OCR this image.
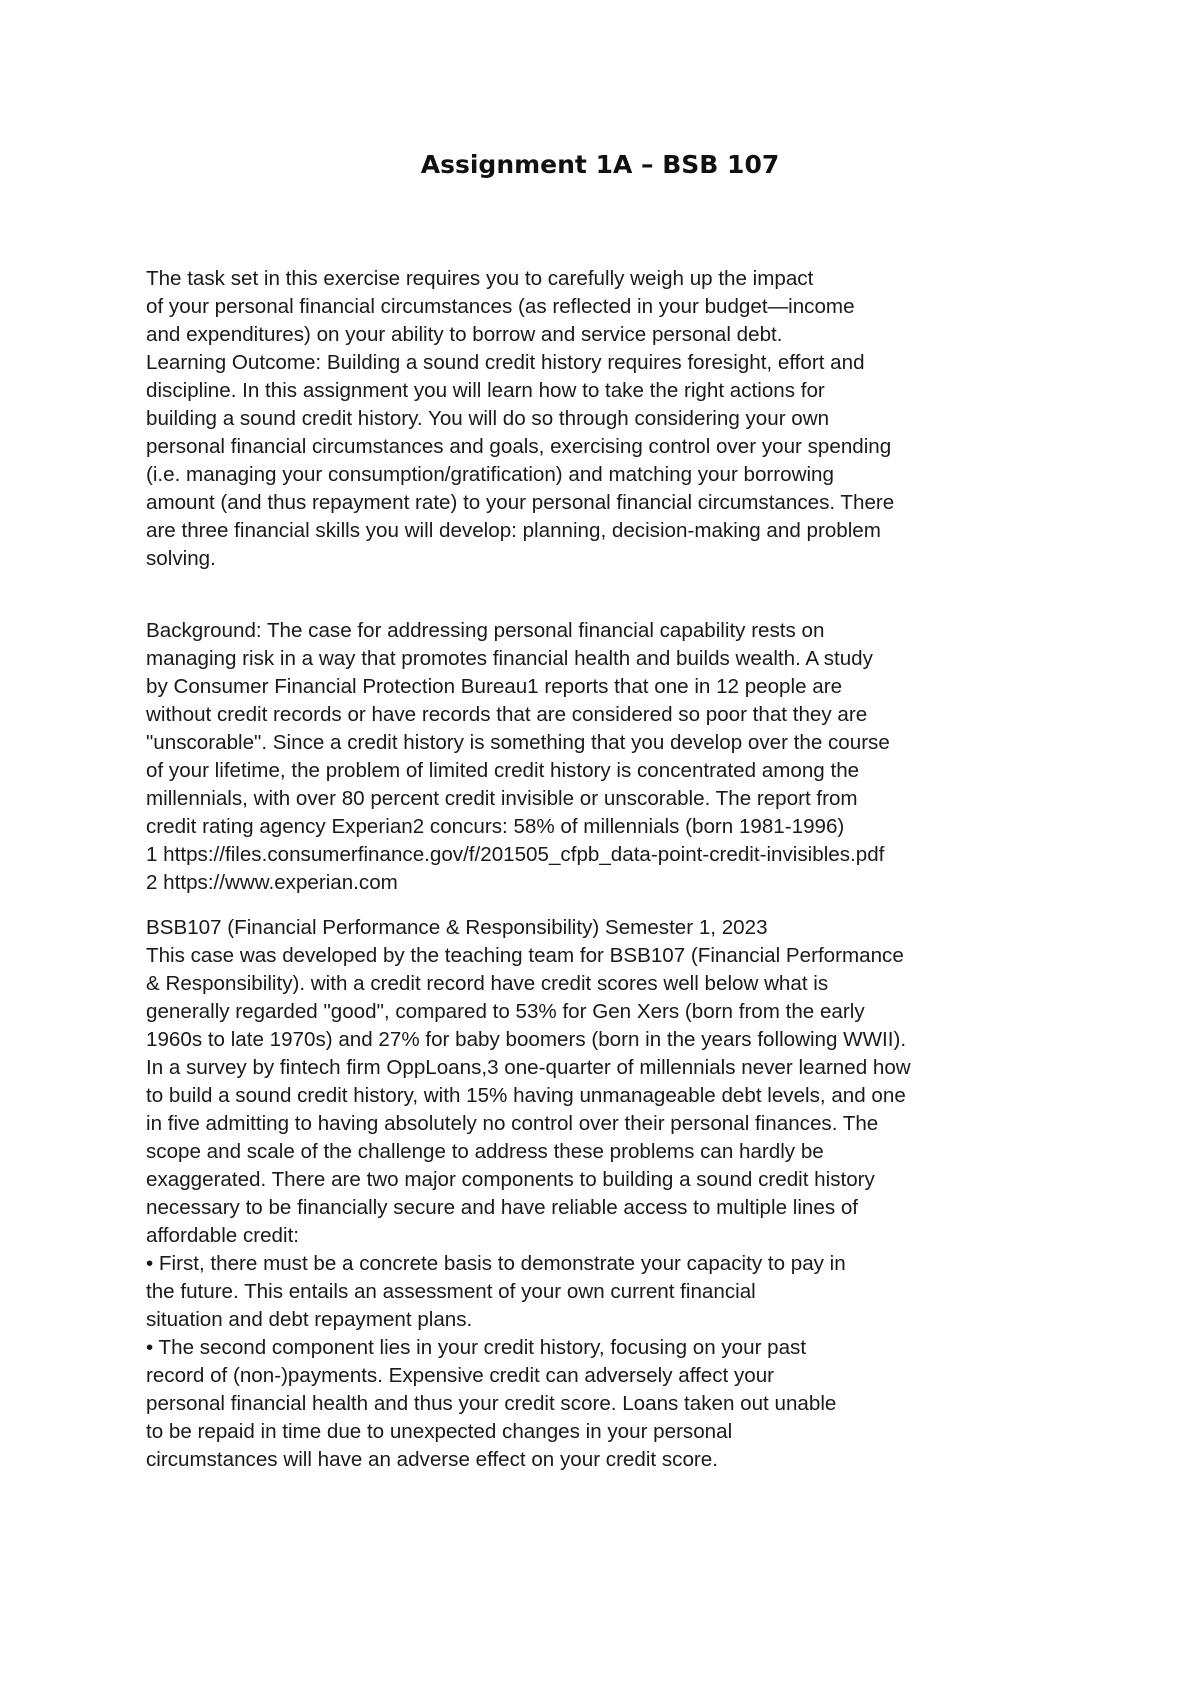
Assignment 1A – BSB 107
The task set in this exercise requires you to carefully weigh up the impact
of your personal financial circumstances (as reflected in your budget—income
and expenditures) on your ability to borrow and service personal debt.
Learning Outcome: Building a sound credit history requires foresight, effort and
discipline. In this assignment you will learn how to take the right actions for
building a sound credit history. You will do so through considering your own
personal financial circumstances and goals, exercising control over your spending
(i.e. managing your consumption/gratification) and matching your borrowing
amount (and thus repayment rate) to your personal financial circumstances. There
are three financial skills you will develop: planning, decision-making and problem
solving.
Background: The case for addressing personal financial capability rests on
managing risk in a way that promotes financial health and builds wealth. A study
by Consumer Financial Protection Bureau1 reports that one in 12 people are
without credit records or have records that are considered so poor that they are
"unscorable". Since a credit history is something that you develop over the course
of your lifetime, the problem of limited credit history is concentrated among the
millennials, with over 80 percent credit invisible or unscorable. The report from
credit rating agency Experian2 concurs: 58% of millennials (born 1981-1996)
1 https://files.consumerfinance.gov/f/201505_cfpb_data-point-credit-invisibles.pdf
2 https://www.experian.com
BSB107 (Financial Performance & Responsibility) Semester 1, 2023
This case was developed by the teaching team for BSB107 (Financial Performance
& Responsibility). with a credit record have credit scores well below what is
generally regarded "good", compared to 53% for Gen Xers (born from the early
1960s to late 1970s) and 27% for baby boomers (born in the years following WWII).
In a survey by fintech firm OppLoans,3 one-quarter of millennials never learned how
to build a sound credit history, with 15% having unmanageable debt levels, and one
in five admitting to having absolutely no control over their personal finances. The
scope and scale of the challenge to address these problems can hardly be
exaggerated. There are two major components to building a sound credit history
necessary to be financially secure and have reliable access to multiple lines of
affordable credit:
• First, there must be a concrete basis to demonstrate your capacity to pay in
the future. This entails an assessment of your own current financial
situation and debt repayment plans.
• The second component lies in your credit history, focusing on your past
record of (non-)payments. Expensive credit can adversely affect your
personal financial health and thus your credit score. Loans taken out unable
to be repaid in time due to unexpected changes in your personal
circumstances will have an adverse effect on your credit score.
